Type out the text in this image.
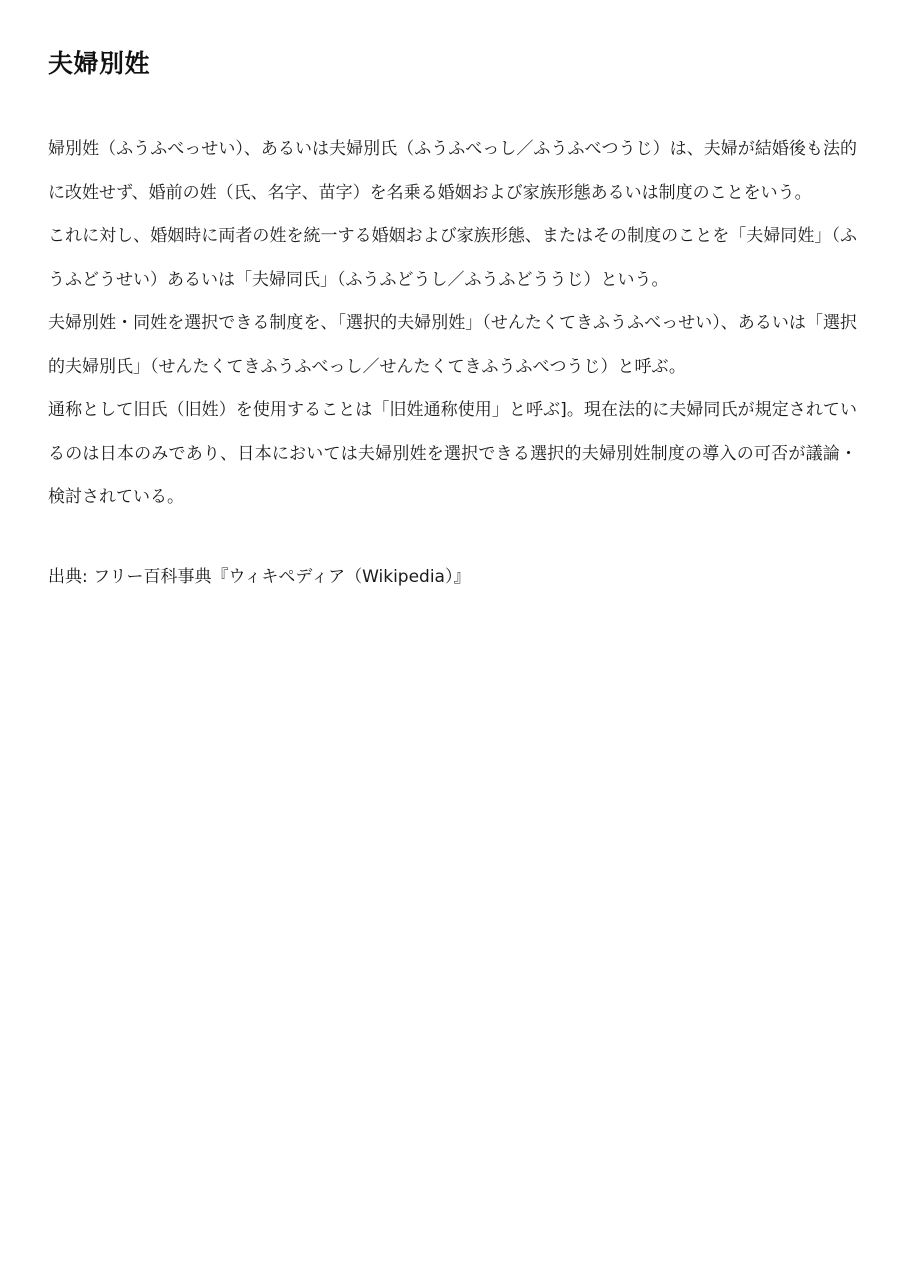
夫婦別姓

婦別姓（ふうふべっせい）、あるいは夫婦別氏（ふうふべっし／ふうふべつうじ）は、夫婦が結婚後も法的に改姓せず、婚前の姓（氏、名字、苗字）を名乗る婚姻および家族形態あるいは制度のことをいう。

これに対し、婚姻時に両者の姓を統一する婚姻および家族形態、またはその制度のことを「夫婦同姓」（ふうふどうせい）あるいは「夫婦同氏」（ふうふどうし／ふうふどううじ）という。

夫婦別姓・同姓を選択できる制度を、「選択的夫婦別姓」（せんたくてきふうふべっせい）、あるいは「選択的夫婦別氏」（せんたくてきふうふべっし／せんたくてきふうふべつうじ）と呼ぶ。

通称として旧氏（旧姓）を使用することは「旧姓通称使用」と呼ぶ]。現在法的に夫婦同氏が規定されているのは日本のみであり、日本においては夫婦別姓を選択できる選択的夫婦別姓制度の導入の可否が議論・検討されている。

出典: フリー百科事典『ウィキペディア（Wikipedia）』
